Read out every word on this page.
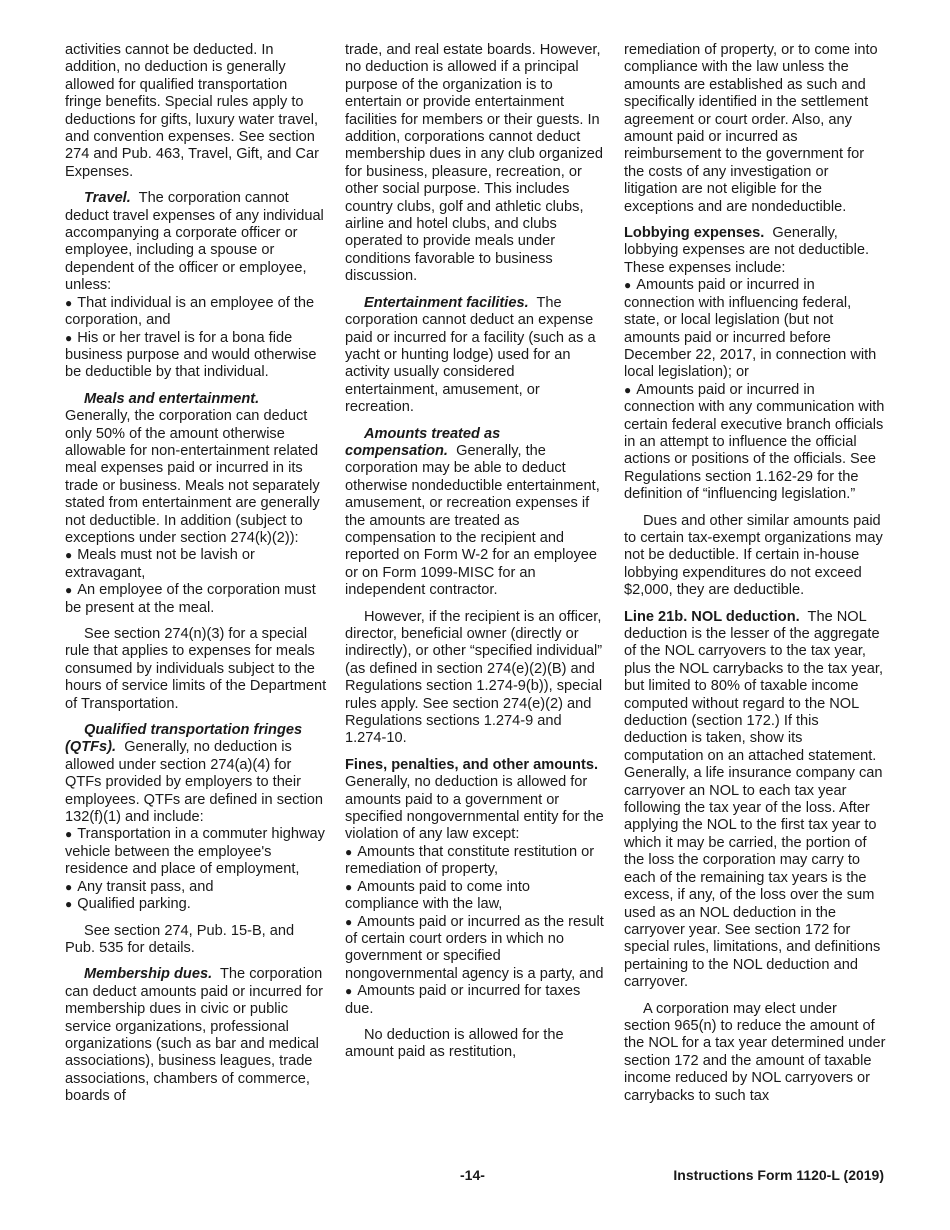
activities cannot be deducted. In addition, no deduction is generally allowed for qualified transportation fringe benefits. Special rules apply to deductions for gifts, luxury water travel, and convention expenses. See section 274 and Pub. 463, Travel, Gift, and Car Expenses.

Travel. The corporation cannot deduct travel expenses of any individual accompanying a corporate officer or employee, including a spouse or dependent of the officer or employee, unless:

● That individual is an employee of the corporation, and
● His or her travel is for a bona fide business purpose and would otherwise be deductible by that individual.

Meals and entertainment.
Generally, the corporation can deduct only 50% of the amount otherwise allowable for non-entertainment related meal expenses paid or incurred in its trade or business. Meals not separately stated from entertainment are generally not deductible. In addition (subject to exceptions under section 274(k)(2)):

● Meals must not be lavish or extravagant,
● An employee of the corporation must be present at the meal.

See section 274(n)(3) for a special rule that applies to expenses for meals consumed by individuals subject to the hours of service limits of the Department of Transportation.

Qualified transportation fringes (QTFs). Generally, no deduction is allowed under section 274(a)(4) for QTFs provided by employers to their employees. QTFs are defined in section 132(f)(1) and include:

● Transportation in a commuter highway vehicle between the employee's residence and place of employment,
● Any transit pass, and
● Qualified parking.

See section 274, Pub. 15-B, and Pub. 535 for details.

Membership dues. The corporation can deduct amounts paid or incurred for membership dues in civic or public service organizations, professional organizations (such as bar and medical associations), business leagues, trade associations, chambers of commerce, boards of

trade, and real estate boards. However, no deduction is allowed if a principal purpose of the organization is to entertain or provide entertainment facilities for members or their guests. In addition, corporations cannot deduct membership dues in any club organized for business, pleasure, recreation, or other social purpose. This includes country clubs, golf and athletic clubs, airline and hotel clubs, and clubs operated to provide meals under conditions favorable to business discussion.

Entertainment facilities. The corporation cannot deduct an expense paid or incurred for a facility (such as a yacht or hunting lodge) used for an activity usually considered entertainment, amusement, or recreation.

Amounts treated as compensation. Generally, the corporation may be able to deduct otherwise nondeductible entertainment, amusement, or recreation expenses if the amounts are treated as compensation to the recipient and reported on Form W-2 for an employee or on Form 1099-MISC for an independent contractor.

However, if the recipient is an officer, director, beneficial owner (directly or indirectly), or other “specified individual” (as defined in section 274(e)(2)(B) and Regulations section 1.274-9(b)), special rules apply. See section 274(e)(2) and Regulations sections 1.274-9 and 1.274-10.

Fines, penalties, and other amounts.  Generally, no deduction is allowed for amounts paid to a government or specified nongovernmental entity for the violation of any law except:

● Amounts that constitute restitution or remediation of property,
● Amounts paid to come into compliance with the law,
● Amounts paid or incurred as the result of certain court orders in which no government or specified nongovernmental agency is a party, and
● Amounts paid or incurred for taxes due.

No deduction is allowed for the amount paid as restitution,

remediation of property, or to come into compliance with the law unless the amounts are established as such and specifically identified in the settlement agreement or court order. Also, any amount paid or incurred as reimbursement to the government for the costs of any investigation or litigation are not eligible for the exceptions and are nondeductible.

Lobbying expenses. Generally, lobbying expenses are not deductible. These expenses include:

● Amounts paid or incurred in connection with influencing federal, state, or local legislation (but not amounts paid or incurred before December 22, 2017, in connection with local legislation); or
● Amounts paid or incurred in connection with any communication with certain federal executive branch officials in an attempt to influence the official actions or positions of the officials. See Regulations section 1.162-29 for the definition of “influencing legislation.”

Dues and other similar amounts paid to certain tax-exempt organizations may not be deductible. If certain in-house lobbying expenditures do not exceed $2,000, they are deductible.

Line 21b. NOL deduction. The NOL deduction is the lesser of the aggregate of the NOL carryovers to the tax year, plus the NOL carrybacks to the tax year, but limited to 80% of taxable income computed without regard to the NOL deduction (section 172.) If this deduction is taken, show its computation on an attached statement. Generally, a life insurance company can carryover an NOL to each tax year following the tax year of the loss. After applying the NOL to the first tax year to which it may be carried, the portion of the loss the corporation may carry to each of the remaining tax years is the excess, if any, of the loss over the sum used as an NOL deduction in the carryover year. See section 172 for special rules, limitations, and definitions pertaining to the NOL deduction and carryover.

A corporation may elect under section 965(n) to reduce the amount of the NOL for a tax year determined under section 172 and the amount of taxable income reduced by NOL carryovers or carrybacks to such tax

-14-	Instructions Form 1120-L (2019)
